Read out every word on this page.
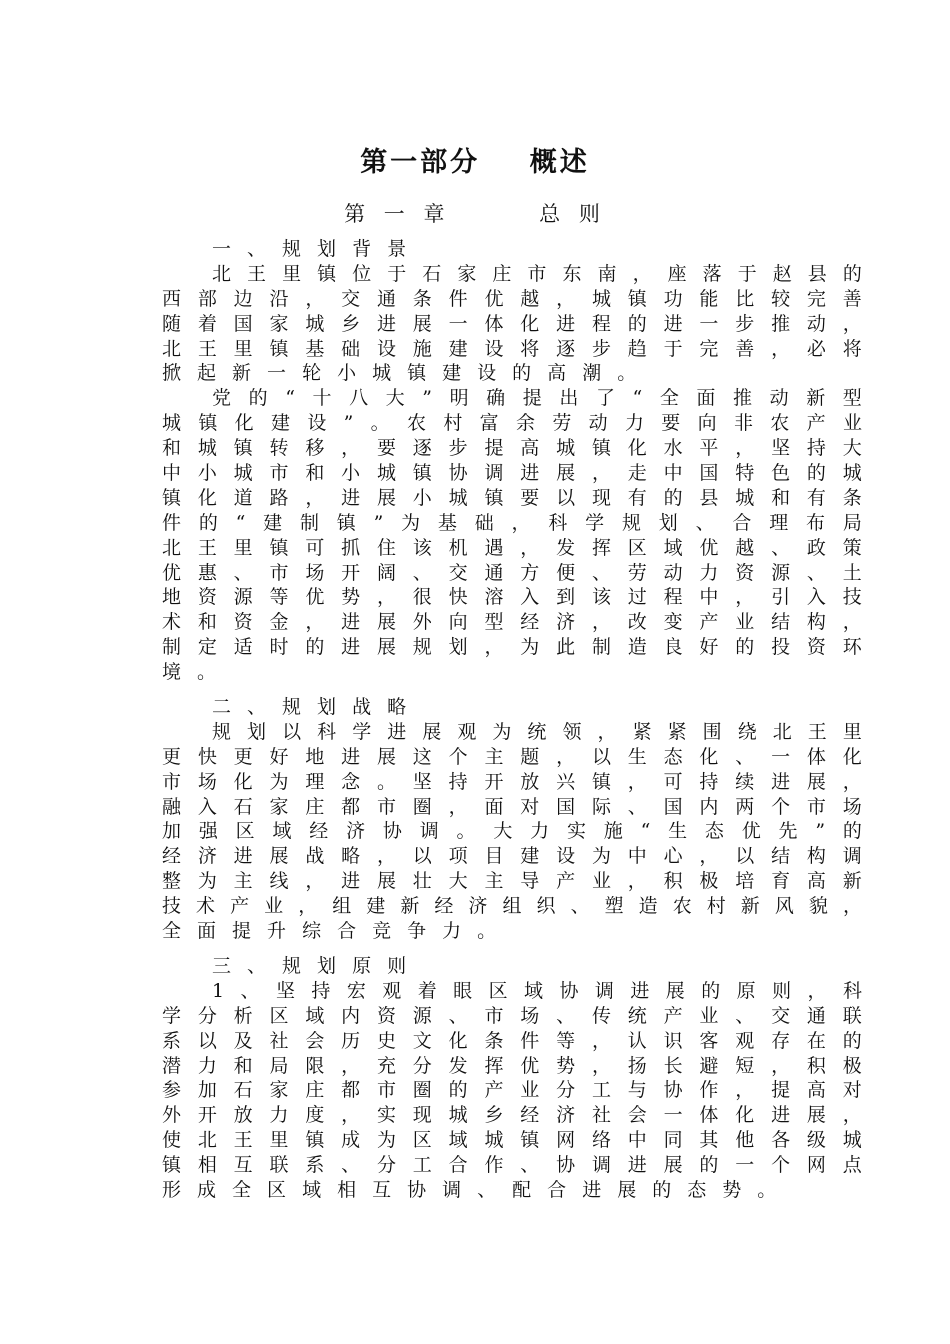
第一部分    概述
第 一 章       总 则
一 、 规 划 背 景
北 王 里 镇 位 于 石 家 庄 市 东 南 ， 座 落 于 赵 县 的
西 部 边 沿 ， 交 通 条 件 优 越 ， 城 镇 功 能 比 较 完 善
随 着 国 家 城 乡 进 展 一 体 化 进 程 的 进 一 步 推 动 ，
北 王 里 镇 基 础 设 施 建 设 将 逐 步 趋 于 完 善 ， 必 将
掀 起 新 一 轮 小 城 镇 建 设 的 高 潮 。
党 的 “ 十 八 大 ” 明 确 提 出 了 “ 全 面 推 动 新 型
城 镇 化 建 设 ” 。 农 村 富 余 劳 动 力 要 向 非 农 产 业
和 城 镇 转 移 ， 要 逐 步 提 高 城 镇 化 水 平 ， 坚 持 大
中 小 城 市 和 小 城 镇 协 调 进 展 ， 走 中 国 特 色 的 城
镇 化 道 路 ， 进 展 小 城 镇 要 以 现 有 的 县 城 和 有 条
件 的 “ 建 制 镇 ” 为 基 础 ， 科 学 规 划 、 合 理 布 局
北 王 里 镇 可 抓 住 该 机 遇 ， 发 挥 区 域 优 越 、 政 策
优 惠 、 市 场 开 阔 、 交 通 方 便 、 劳 动 力 资 源 、 土
地 资 源 等 优 势 ， 很 快 溶 入 到 该 过 程 中 ， 引 入 技
术 和 资 金 ， 进 展 外 向 型 经 济 ， 改 变 产 业 结 构 ，
制 定 适 时 的 进 展 规 划 ， 为 此 制 造 良 好 的 投 资 环
境 。
二 、 规 划 战 略
规 划 以 科 学 进 展 观 为 统 领 ， 紧 紧 围 绕 北 王 里
更 快 更 好 地 进 展 这 个 主 题 ， 以 生 态 化 、 一 体 化
市 场 化 为 理 念 。 坚 持 开 放 兴 镇 ， 可 持 续 进 展 ，
融 入 石 家 庄 都 市 圈 ， 面 对 国 际 、 国 内 两 个 市 场
加 强 区 域 经 济 协 调 。 大 力 实 施 “ 生 态 优 先 ” 的
经 济 进 展 战 略 ， 以 项 目 建 设 为 中 心 ， 以 结 构 调
整 为 主 线 ， 进 展 壮 大 主 导 产 业 ， 积 极 培 育 高 新
技 术 产 业 ， 组 建 新 经 济 组 织 、 塑 造 农 村 新 风 貌 ，
全 面 提 升 综 合 竞 争 力 。
三 、 规 划 原 则
1 、 坚 持 宏 观 着 眼 区 域 协 调 进 展 的 原 则 ， 科
学 分 析 区 域 内 资 源 、 市 场 、 传 统 产 业 、 交 通 联
系 以 及 社 会 历 史 文 化 条 件 等 ， 认 识 客 观 存 在 的
潜 力 和 局 限 ， 充 分 发 挥 优 势 ， 扬 长 避 短 ， 积 极
参 加 石 家 庄 都 市 圈 的 产 业 分 工 与 协 作 ， 提 高 对
外 开 放 力 度 ， 实 现 城 乡 经 济 社 会 一 体 化 进 展 ，
使 北 王 里 镇 成 为 区 域 城 镇 网 络 中 同 其 他 各 级 城
镇 相 互 联 系 、 分 工 合 作 、 协 调 进 展 的 一 个 网 点
形 成 全 区 域 相 互 协 调 、 配 合 进 展 的 态 势 。
